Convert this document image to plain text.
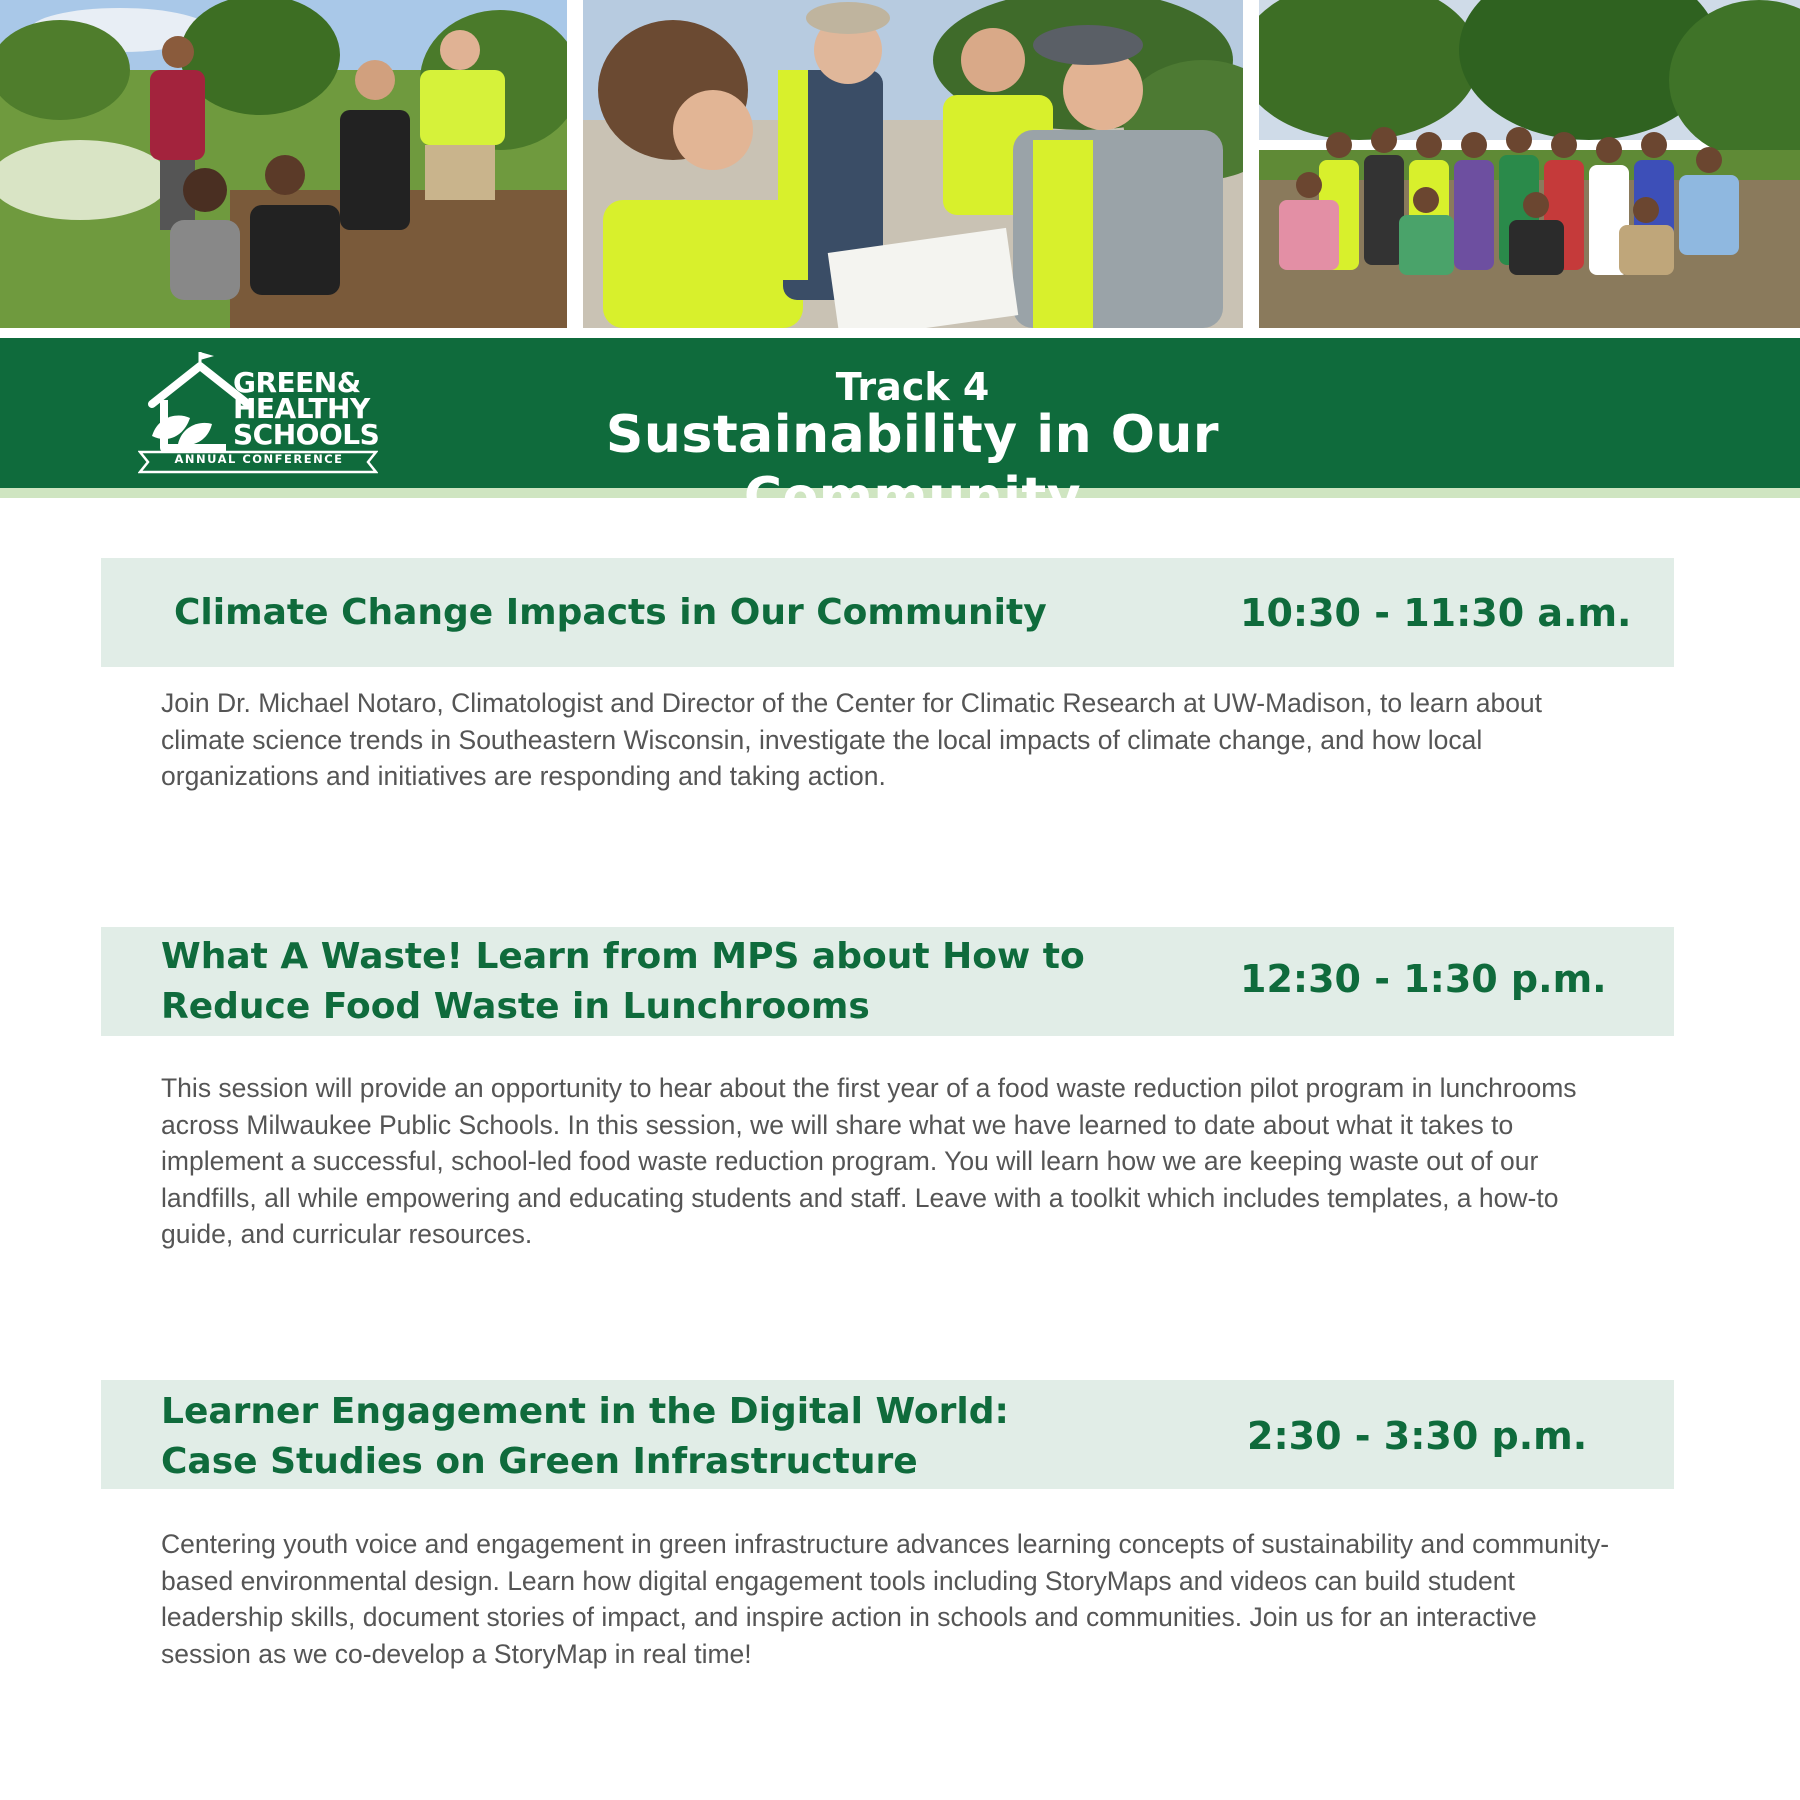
GREEN&
HEALTHY
SCHOOLS
ANNUAL CONFERENCE
Track 4
Sustainability in Our Community
Climate Change Impacts in Our Community	10:30 - 11:30 a.m.

Join Dr. Michael Notaro, Climatologist and Director of the Center for Climatic Research at UW-Madison, to learn about climate science trends in Southeastern Wisconsin, investigate the local impacts of climate change, and how local organizations and initiatives are responding and taking action.

What A Waste! Learn from MPS about How to
Reduce Food Waste in Lunchrooms
12:30 - 1:30 p.m.

This session will provide an opportunity to hear about the first year of a food waste reduction pilot program in lunchrooms across Milwaukee Public Schools. In this session, we will share what we have learned to date about what it takes to implement a successful, school-led food waste reduction program. You will learn how we are keeping waste out of our landfills, all while empowering and educating students and staff. Leave with a toolkit which includes templates, a how-to guide, and curricular resources.

Learner Engagement in the Digital World:
Case Studies on Green Infrastructure
2:30 - 3:30 p.m.

Centering youth voice and engagement in green infrastructure advances learning concepts of sustainability and community-based environmental design. Learn how digital engagement tools including StoryMaps and videos can build student leadership skills, document stories of impact, and inspire action in schools and communities. Join us for an interactive session as we co-develop a StoryMap in real time!
